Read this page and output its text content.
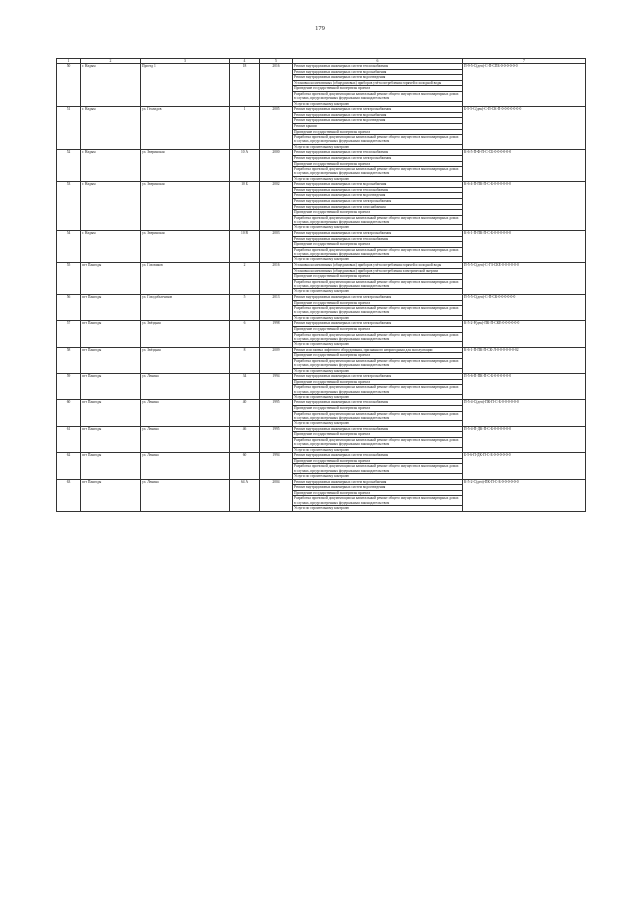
179
1	2	3	4	5	6	7
50	г. Надым	Проезд 1	18	2016	Ремонт внутридомовых инженерных систем теплоснабжения	П-9-5-С(деп)-С-П-СПБ-0-0-0-0-0-0
					Ремонт внутридомовых инженерных систем водоснабжения	
					Ремонт внутридомовых инженерных систем водоотведения	
					Установка коллективных (общедомовых) приборов учёта потребления горячей и холодной воды	
					Проведение государственной экспертизы проекта	
					Разработка проектной документации на капитальный ремонт общего имущества в многоквартирных домах в случаях, предусмотренных федеральным законодательством	
					Услуги по строительному контролю	
51	г. Надым	ул. Геолидов	1	2005	Ремонт внутридомовых инженерных систем электроснабжения	Б-5-5-С(дек)-С-П-СК-П-0-0-0-0-0-0-0
					Ремонт внутридомовых инженерных систем водоснабжения	
					Ремонт внутридомовых инженерных систем водоотведения	
					Ремонт крыши	
					Проведение государственной экспертизы проекта	
					Разработка проектной документации на капитальный ремонт общего имущества в многоквартирных домах в случаях, предусмотренных федеральным законодательством	
					Услуги по строительному контролю	
52	г. Надым	ул. Зверинская	10 А	2000	Ремонт внутридомовых инженерных систем теплоснабжения	К-6-5-П-Ф-П-С-СБ-0-0-0-0-0-0
					Ремонт внутридомовых инженерных систем электроснабжения	
					Проведение государственной экспертизы проекта	
					Разработка проектной документации на капитальный ремонт общего имущества в многоквартирных домах в случаях, предусмотренных федеральным законодательством	
					Услуги по строительному контролю	
53	г. Надым	ул. Зверинская	10 Б	2002	Ремонт внутридомовых инженерных систем водоснабжения	К-6-4-П-ПК-П-С-Б-0-0-0-0-0-0
					Ремонт внутридомовых инженерных систем теплоснабжения	
					Ремонт внутридомовых инженерных систем водоотведения	
					Ремонт внутридомовых инженерных систем электроснабжения	
					Ремонт внутридомовых инженерных систем газоснабжения	
					Проведение государственной экспертизы проекта	
					Разработка проектной документации на капитальный ремонт общего имущества в многоквартирных домах в случаях, предусмотренных федеральным законодательством	
					Услуги по строительному контролю	
54	г. Надым	ул. Зверинская	10 В	2003	Ремонт внутридомовых инженерных систем электроснабжения	К-6-1-П-ПК-П-С-Б-0-0-0-0-0-0
					Ремонт внутридомовых инженерных систем теплоснабжения	
					Проведение государственной экспертизы проекта	
					Разработка проектной документации на капитальный ремонт общего имущества в многоквартирных домах в случаях, предусмотренных федеральным законодательством	
					Услуги по строительному контролю	
55	пгт Пангоды	ул. Газовиков	2	2016	Установка коллективных (общедомовых) приборов учёта потребления горячей и холодной воды	П-5-5-С(деп)-С-ГЗ-СКЕ-0-0-0-0-0-0
					Установка коллективных (общедомовых) приборов учёта потребления электрической энергии	
					Проведение государственной экспертизы проекта	
					Разработка проектной документации на капитальный ремонт общего имущества в многоквартирных домах в случаях, предусмотренных федеральным законодательством	
					Услуги по строительному контролю	
56	пгт Пангоды	ул. Газодобытчиков	5	2013	Ремонт внутридомовых инженерных систем электроснабжения	П-5-5-С(деп)-С-П-СК-0-0-0-0-0-0
					Проведение государственной экспертизы проекта	
					Разработка проектной документации на капитальный ремонт общего имущества в многоквартирных домах в случаях, предусмотренных федеральным законодательством	
					Услуги по строительному контролю	
57	пгт Пангоды	ул. Звёздная	6	1998	Ремонт внутридомовых инженерных систем электроснабжения	К-5-2-Р(дек)-ПК-П-СКЕ-0-0-0-0-0-0
					Проведение государственной экспертизы проекта	
					Разработка проектной документации на капитальный ремонт общего имущества в многоквартирных домах в случаях, предусмотренных федеральным законодательством	
					Услуги по строительному контролю	
58	пгт Пангоды	ул. Звёздная	8	2009	Ремонт или замена лифтового оборудования, признанного непригодным для эксплуатации	К-6-1-П-ПК-П-СК-Л-0-0-0-0-0-0-02
					Проведение государственной экспертизы проекта	
					Разработка проектной документации на капитальный ремонт общего имущества в многоквартирных домах в случаях, предусмотренных федеральным законодательством	
					Услуги по строительному контролю	
59	пгт Пангоды	ул. Ленина	34	1994	Ремонт внутридомовых инженерных систем электроснабжения	П-5-6-П-ПК-П-С-Б-0-0-0-0-0-0
					Проведение государственной экспертизы проекта	
					Разработка проектной документации на капитальный ремонт общего имущества в многоквартирных домах в случаях, предусмотренных федеральным законодательством	
					Услуги по строительному контролю	
60	пгт Пангоды	ул. Ленина	40	1995	Ремонт внутридомовых инженерных систем теплоснабжения	П-5-4-С(деп)-ПК-П-С-Б-0-0-0-0-0-0
					Проведение государственной экспертизы проекта	
					Разработка проектной документации на капитальный ремонт общего имущества в многоквартирных домах в случаях, предусмотренных федеральным законодательством	
					Услуги по строительному контролю	
61	пгт Пангоды	ул. Ленина	46	1995	Ремонт внутридомовых инженерных систем теплоснабжения	П-5-4-П-ДК-П-С-Б-0-0-0-0-0-0
					Проведение государственной экспертизы проекта	
					Разработка проектной документации на капитальный ремонт общего имущества в многоквартирных домах в случаях, предусмотренных федеральным законодательством	
					Услуги по строительному контролю	
62	пгт Пангоды	ул. Ленина	60	1994	Ремонт внутридомовых инженерных систем теплоснабжения	Б-5-6-П-ДК-П-С-Б-0-0-0-0-0-0
					Проведение государственной экспертизы проекта	
					Разработка проектной документации на капитальный ремонт общего имущества в многоквартирных домах в случаях, предусмотренных федеральным законодательством	
					Услуги по строительному контролю	
63	пгт Пангоды	ул. Ленина	64 А	2004	Ремонт внутридомовых инженерных систем водоснабжения	К-5-2-С(деп)-ПК-П-С-Б-0-0-0-0-0-0
					Ремонт внутридомовых инженерных систем водоотведения	
					Проведение государственной экспертизы проекта	
					Разработка проектной документации на капитальный ремонт общего имущества в многоквартирных домах в случаях, предусмотренных федеральным законодательством	
					Услуги по строительному контролю	
